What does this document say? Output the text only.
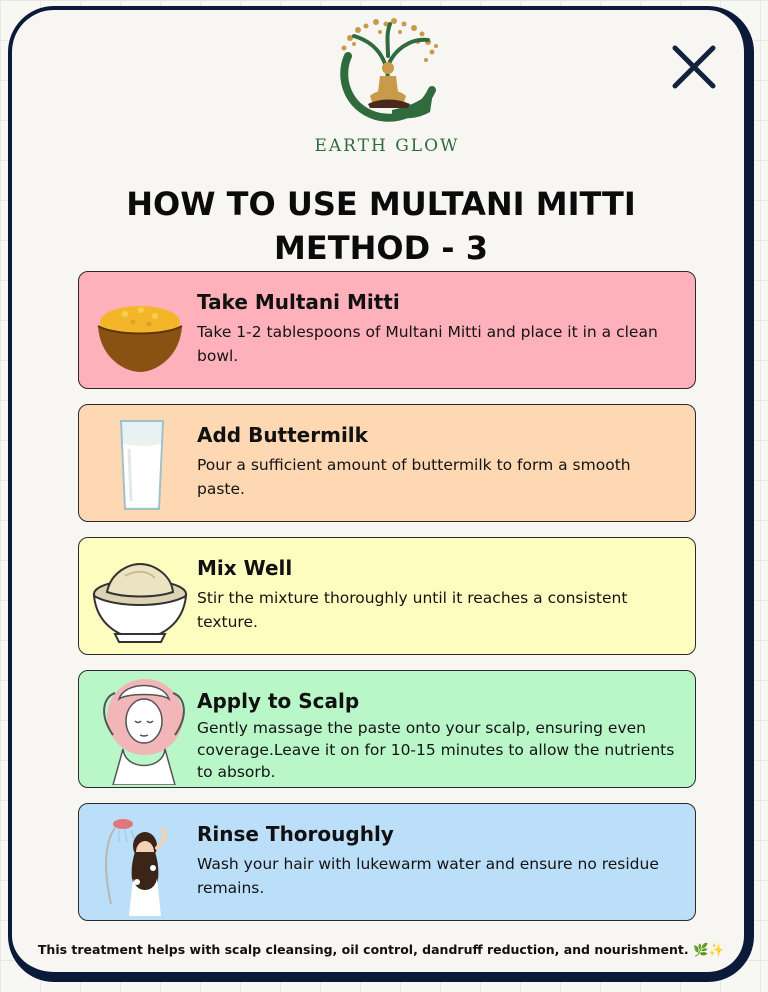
EARTH GLOW
HOW TO USE MULTANI MITTI
METHOD - 3
Take Multani Mitti

Take 1-2 tablespoons of Multani Mitti and place it in a clean bowl.

Add Buttermilk

Pour a sufficient amount of buttermilk to form a smooth paste.

Mix Well

Stir the mixture thoroughly until it reaches a consistent texture.

Apply to Scalp

Gently massage the paste onto your scalp, ensuring even coverage.Leave it on for 10-15 minutes to allow the nutrients to absorb.

Rinse Thoroughly

Wash your hair with lukewarm water and ensure no residue remains.

This treatment helps with scalp cleansing, oil control, dandruff reduction, and nourishment. 🌿✨
